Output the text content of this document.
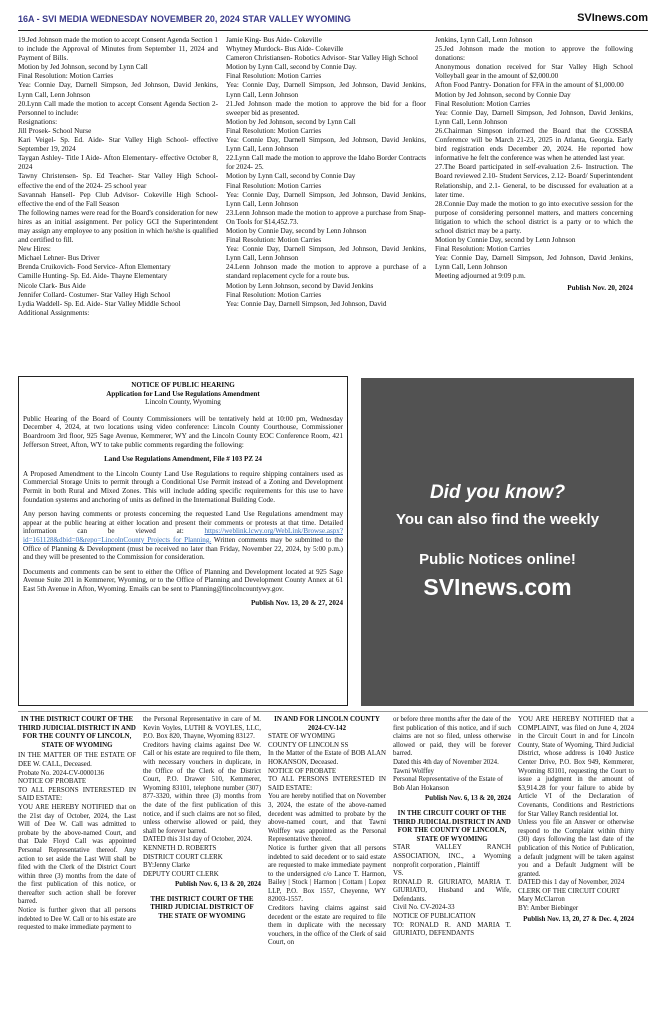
16A - SVI MEDIA WEDNESDAY NOVEMBER 20, 2024 STAR VALLEY WYOMING	SVInews.com

19.Jed Johnson made the motion to accept Consent Agenda Section 1 to include the Approval of Minutes from September 11, 2024 and Payment of Bills.

Motion by Jed Johnson, second by Lynn Call

Final Resolution: Motion Carries

Yea: Connie Day, Darnell Simpson, Jed Johnson, David Jenkins, Lynn Call, Lenn Johnson

20.Lynn Call made the motion to accept Consent Agenda Section 2- Personnel to include:

Resignations:

Jill Prosek- School Nurse

Kari Veigel- Sp. Ed. Aide- Star Valley High School- effective September 19, 2024

Taygan Ashley- Title I Aide- Afton Elementary- effective October 8, 2024

Tawny Christensen- Sp. Ed Teacher- Star Valley High School- effective the end of the 2024- 25 school year

Savannah Hansell- Pep Club Advisor- Cokeville High School- effective the end of the Fall Season

The following names were read for the Board's consideration for new hires as an initial assignment. Per policy GCI the Superintendent may assign any employee to any position in which he/she is qualified and certified to fill.

New Hires:

Michael Lehner- Bus Driver

Brenda Cruikovich- Food Service- Afton Elementary

Camille Hunting- Sp. Ed. Aide- Thayne Elementary

Nicole Clark- Bus Aide

Jennifer Collard- Costumer- Star Valley High School

Lydia Waddell- Sp. Ed. Aide- Star Valley Middle School

Additional Assignments:

Jamie King- Bus Aide- Cokeville

Whytney Murdock- Bus Aide- Cokeville

Cameron Christiansen- Robotics Advisor- Star Valley High School

Motion by Lynn Call, second by Connie Day.

Final Resolution: Motion Carries

Yea: Connie Day, Darnell Simpson, Jed Johnson, David Jenkins, Lynn Call, Lenn Johnson

21.Jed Johnson made the motion to approve the bid for a floor sweeper bid as presented.

Motion by Jed Johnson, second by Lynn Call

Final Resolution: Motion Carries

Yea: Connie Day, Darnell Simpson, Jed Johnson, David Jenkins, Lynn Call, Lenn Johnson

22.Lynn Call made the motion to approve the Idaho Border Contracts for 2024- 25.

Motion by Lynn Call, second by Connie Day

Final Resolution: Motion Carries

Yea: Connie Day, Darnell Simpson, Jed Johnson, David Jenkins, Lynn Call, Lenn Johnson

23.Lenn Johnson made the motion to approve a purchase from Snap-On Tools for $14,452.73.

Motion by Connie Day, second by Lenn Johnson

Final Resolution: Motion Carries

Yea: Connie Day, Darnell Simpson, Jed Johnson, David Jenkins, Lynn Call, Lenn Johnson

24.Lenn Johnson made the motion to approve a purchase of a standard replacement cycle for a route bus.

Motion by Lenn Johnson, second by David Jenkins

Final Resolution: Motion Carries

Yea: Connie Day, Darnell Simpson, Jed Johnson, David

Jenkins, Lynn Call, Lenn Johnson

25.Jed Johnson made the motion to approve the following donations:

Anonymous donation received for Star Valley High School Volleyball gear in the amount of $2,000.00

Afton Food Pantry- Donation for FFA in the amount of $1,000.00

Motion by Jed Johnson, second by Connie Day

Final Resolution: Motion Carries

Yea: Connie Day, Darnell Simpson, Jed Johnson, David Jenkins, Lynn Call, Lenn Johnson

26.Chairman Simpson informed the Board that the COSSBA Conference will be March 21-23, 2025 in Atlanta, Georgia. Early bird registration ends December 20, 2024. He reported how informative he felt the conference was when he attended last year.

27.The Board participated in self-evaluation 2.6- Instruction. The Board reviewed 2.10- Student Services, 2.12- Board/ Superintendent Relationship, and 2.1- General, to be discussed for evaluation at a later time.

28.Connie Day made the motion to go into executive session for the purpose of considering personnel matters, and matters concerning litigation to which the school district is a party or to which the school district may be a party.

Motion by Connie Day, second by Lenn Johnson

Final Resolution: Motion Carries

Yea: Connie Day, Darnell Simpson, Jed Johnson, David Jenkins, Lynn Call, Lenn Johnson

Meeting adjourned at 9:09 p.m.

Publish Nov. 20, 2024

NOTICE OF PUBLIC HEARING

Application for Land Use Regulations Amendment

Lincoln County, Wyoming

Public Hearing of the Board of County Commissioners will be tentatively held at 10:00 pm, Wednesday December 4, 2024, at two locations using video conference: Lincoln County Courthouse, Commissioner Boardroom 3rd floor, 925 Sage Avenue, Kemmerer, WY and the Lincoln County EOC Conference Room, 421 Jefferson Street, Afton, WY to take public comments regarding the following:

Land Use Regulations Amendment, File # 103 PZ 24

A Proposed Amendment to the Lincoln County Land Use Regulations to require shipping containers used as Commercial Storage Units to permit through a Conditional Use Permit instead of a Zoning and Development Permit in both Rural and Mixed Zones. This will include adding specific requirements for this use to have foundation systems and anchoring of units as defined in the International Building Code.

Any person having comments or protests concerning the requested Land Use Regulations amendment may appear at the public hearing at either location and present their comments or protests at that time. Detailed information can be viewed at:	https://weblink.lcwy.org/WebLink/Browse.aspx?id=161128&dbid=0&repo=LincolnCounty Projects for Planning. Written comments may be submitted to the Office of Planning & Development (must be received no later than Friday, November 22, 2024, by 5:00 p.m.) and they will be presented to the Commission for consideration.

Documents and comments can be sent to either the Office of Planning and Development located at 925 Sage Avenue Suite 201 in Kemmerer, Wyoming, or to the Office of Planning and Development County Annex at 61 East 5th Avenue in Afton, Wyoming. Emails can be sent to Planning@lincolncountywy.gov.

Publish Nov. 13, 20 & 27, 2024

Did you know?
You can also find the weekly
Public Notices online!
SVInews.com

IN THE DISTRICT COURT OF THE THIRD JUDICIAL DISTRICT IN AND FOR THE COUNTY OF LINCOLN, STATE OF WYOMING

IN THE MATTER OF THE ESTATE OF DEE W. CALL, Deceased.

Probate No. 2024-CV-0000136

NOTICE OF PROBATE

TO ALL PERSONS INTERESTED IN SAID ESTATE:

YOU ARE HEREBY NOTIFIED that on the 21st day of October, 2024, the Last Will of Dee W. Call was admitted to probate by the above-named Court, and that Dale Floyd Call was appointed Personal Representative thereof. Any action to set aside the Last Will shall be filed with the Clerk of the District Court within three (3) months from the date of the first publication of this notice, or thereafter such action shall be forever barred.

Notice is further given that all persons indebted to Dee W. Call or to his estate are requested to make immediate payment to

the Personal Representative in care of M. Kevin Voyles, LUTHI & VOYLES, LLC, P.O. Box 820, Thayne, Wyoming 83127.

Creditors having claims against Dee W. Call or his estate are required to file them, with necessary vouchers in duplicate, in the Office of the Clerk of the District Court, P.O. Drawer 510, Kemmerer, Wyoming 83101, telephone number (307) 877-3320, within three (3) months from the date of the first publication of this notice, and if such claims are not so filed, unless otherwise allowed or paid, they shall be forever barred.

DATED this 31st day of October, 2024.

KENNETH D. ROBERTS

DISTRICT COURT CLERK

BY:Jenny Clarke

DEPUTY COURT CLERK

Publish Nov. 6, 13 & 20, 2024

THE DISTRICT COURT OF THE THIRD JUDICIAL DISTRICT OF THE STATE OF WYOMING

IN AND FOR LINCOLN COUNTY

2024-CV-142

STATE OF WYOMING

COUNTY OF LINCOLN SS

In the Matter of the Estate of BOB ALAN HOKANSON, Deceased.

NOTICE OF PROBATE

TO ALL PERSONS INTERESTED IN SAID ESTATE:

You are hereby notified that on November 3, 2024, the estate of the above-named decedent was admitted to probate by the above-named court, and that Tawni Wolffey was appointed as the Personal Representative thereof.

Notice is further given that all persons indebted to said decedent or to said estate are requested to make immediate payment to the undersigned c/o Lance T. Harmon, Bailey | Stock | Harmon | Cottam | Lopez LLP, P.O. Box 1557, Cheyenne, WY 82003-1557.

Creditors having claims against said decedent or the estate are required to file them in duplicate with the necessary vouchers, in the office of the Clerk of said Court, on

or before three months after the date of the first publication of this notice, and if such claims are not so filed, unless otherwise allowed or paid, they will be forever barred.

Dated this 4th day of November 2024.

Tawni Wolffey

Personal Representative of the Estate of

Bob Alan Hokanson

Publish Nov. 6, 13 & 20, 2024

IN THE CIRCUIT COURT OF THE THIRD JUDICIAL DISTRICT IN AND FOR THE COUNTY OF LINCOLN, STATE OF WYOMING

STAR VALLEY RANCH ASSOCIATION, INC., a Wyoming nonprofit corporation , Plaintiff

VS.

RONALD R. GIURIATO, MARIA T. GIURIATO, Husband and Wife, Defendants.

Civil No. CV-2024-33

NOTICE OF PUBLICATION

TO: RONALD R. AND MARIA T. GIURIATO, DEFENDANTS

YOU ARE HEREBY NOTIFIED that a COMPLAINT, was filed on June 4, 2024 in the Circuit Court in and for Lincoln County, State of Wyoming, Third Judicial District, whose address is 1040 Justice Center Drive, P.O. Box 949, Kemmerer, Wyoming 83101, requesting the Court to issue a judgment in the amount of $3,914.28 for your failure to abide by Article VI of the Declaration of Covenants, Conditions and Restrictions for Star Valley Ranch residential lot.

Unless you file an Answer or otherwise respond to the Complaint within thirty (30) days following the last date of the publication of this Notice of Publication, a default judgment will be taken against you and a Default Judgment will be granted.

DATED this 1 day of November, 2024

CLERK OF THE CIRCUIT COURT

Mary McClarron

BY: Amber Biebinger

Publish Nov. 13, 20, 27 & Dec. 4, 2024
